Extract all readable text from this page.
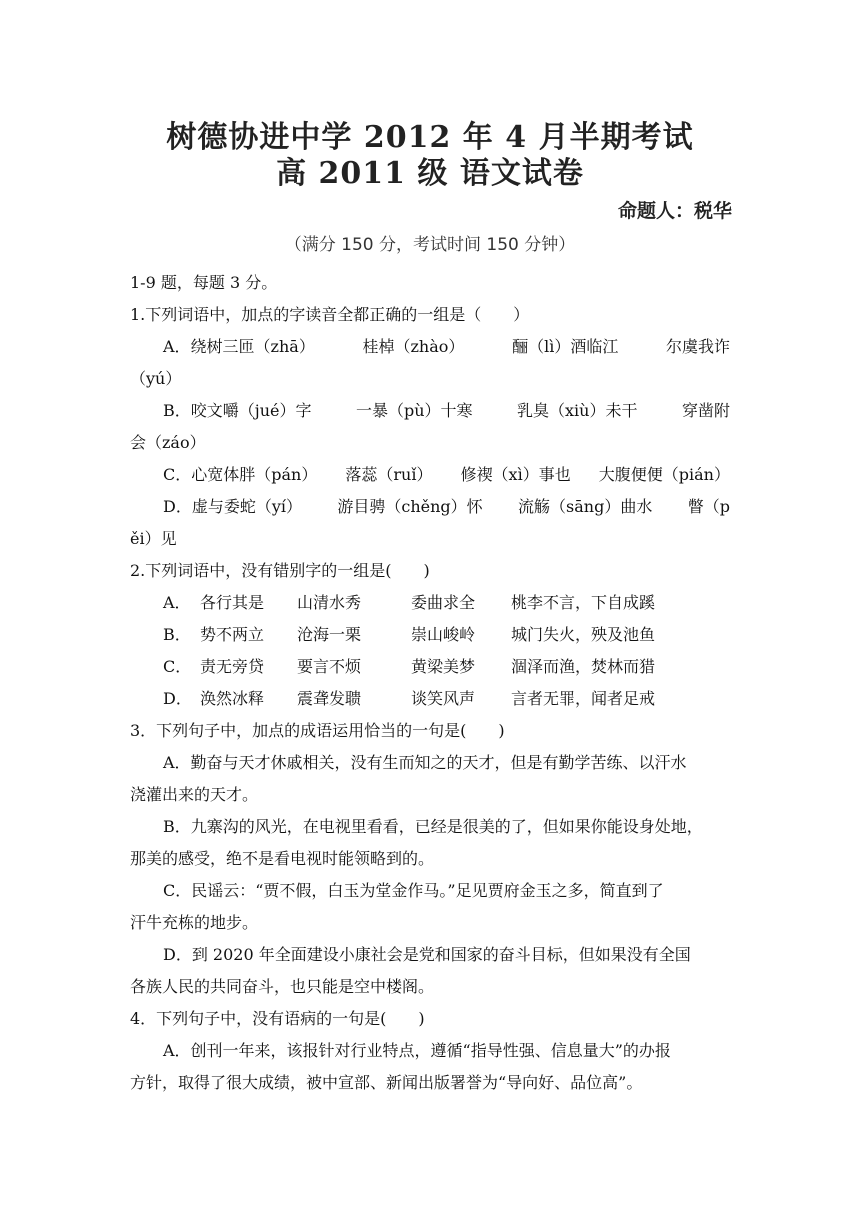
树德协进中学 2012 年 4 月半期考试
高 2011 级 语文试卷
命题人：税华
（满分 150 分，考试时间 150 分钟）
1-9 题，每题 3 分。
1.下列词语中，加点的字读音全都正确的一组是（　　）
A．绕树三匝（zhā）	桂棹（zhào）	酾（lì）酒临江	尔虞我诈
（yú）
B．咬文嚼（jué）字	一暴（pù）十寒	乳臭（xiù）未干	穿凿附
会（záo）
C．心宽体胖（pán） 落蕊（ruǐ） 修禊（xì）事也 大腹便便（pián）
D．虚与委蛇（yí） 游目骋（chěng）怀 流觞（sāng）曲水 瞥（p
ěi）见
2.下列词语中，没有错别字的一组是(　　)
A． 各行其是	山清水秀	委曲求全	桃李不言，下自成蹊
B． 势不两立	沧海一栗	崇山峻岭	城门失火，殃及池鱼
C． 责无旁贷	要言不烦	黄梁美梦	涸泽而渔，焚林而猎
D． 涣然冰释	震聋发聩	谈笑风声	言者无罪，闻者足戒
3．下列句子中，加点的成语运用恰当的一句是(　　)
A．勤奋与天才休戚相关，没有生而知之的天才，但是有勤学苦练、以汗水
浇灌出来的天才。
B．九寨沟的风光，在电视里看看，已经是很美的了，但如果你能设身处地，
那美的感受，绝不是看电视时能领略到的。
C．民谣云：“贾不假，白玉为堂金作马。”足见贾府金玉之多，简直到了
汗牛充栋的地步。
D．到 2020 年全面建设小康社会是党和国家的奋斗目标，但如果没有全国
各族人民的共同奋斗，也只能是空中楼阁。
4．下列句子中，没有语病的一句是(　　)
A．创刊一年来，该报针对行业特点，遵循“指导性强、信息量大”的办报
方针，取得了很大成绩，被中宣部、新闻出版署誉为“导向好、品位高”。
